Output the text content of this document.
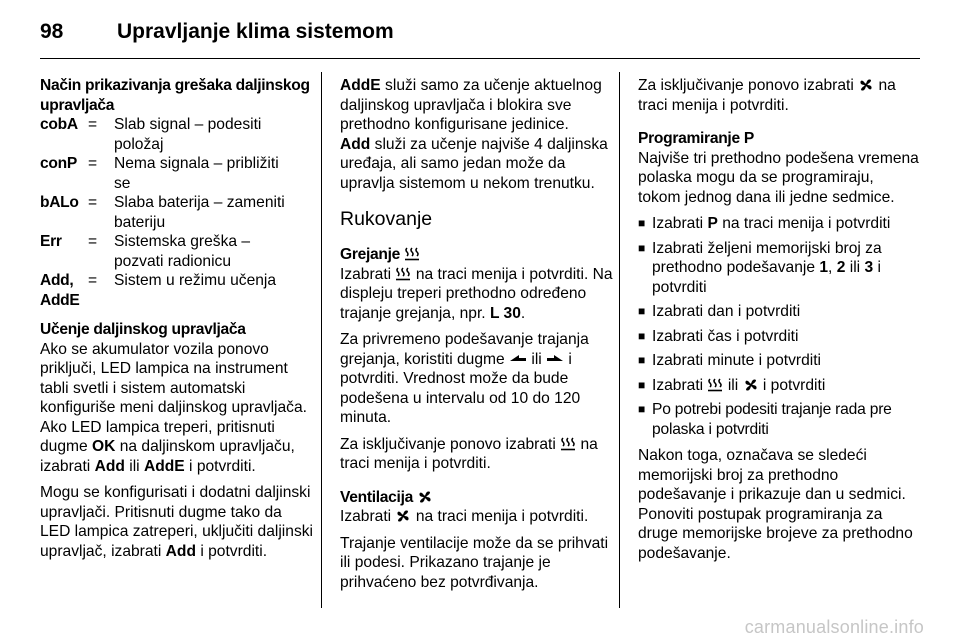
98	Upravljanje klima sistemom

Način prikazivanja grešaka daljinskog upravljača

cobA	=	Slab signal – podesiti položaj
conP	=	Nema signala – približiti se
bALo	=	Slaba baterija – zameniti bateriju
Err	=	Sistemska greška – pozvati radionicu
Add, AddE	=	Sistem u režimu učenja

Učenje daljinskog upravljača

Ako se akumulator vozila ponovo priključi, LED lampica na instrument tabli svetli i sistem automatski konfiguriše meni daljinskog upravljača. Ako LED lampica treperi, pritisnuti dugme OK na daljinskom upravljaču, izabrati Add ili AddE i potvrditi.

Mogu se konfigurisati i dodatni daljinski upravljači. Pritisnuti dugme tako da LED lampica zatreperi, uključiti daljinski upravljač, izabrati Add i potvrditi.

AddE služi samo za učenje aktuelnog daljinskog upravljača i blokira sve prethodno konfigurisane jedinice.
Add služi za učenje najviše 4 daljinska uređaja, ali samo jedan može da upravlja sistemom u nekom trenutku.

Rukovanje

Grejanje

Izabrati  na traci menija i potvrditi. Na displeju treperi prethodno određeno trajanje grejanja, npr. L 30.

Za privremeno podešavanje trajanja grejanja, koristiti dugme  ili  i potvrditi. Vrednost može da bude podešena u intervalu od 10 do 120 minuta.

Za isključivanje ponovo izabrati  na traci menija i potvrditi.

Ventilacija

Izabrati  na traci menija i potvrditi.

Trajanje ventilacije može da se prihvati ili podesi. Prikazano trajanje je prihvaćeno bez potvrđivanja.

Za isključivanje ponovo izabrati  na traci menija i potvrditi.

Programiranje P

Najviše tri prethodno podešena vremena polaska mogu da se programiraju, tokom jednog dana ili jedne sedmice.

■ Izabrati P na traci menija i potvrditi
■ Izabrati željeni memorijski broj za prethodno podešavanje 1, 2 ili 3 i potvrditi
■ Izabrati dan i potvrditi
■ Izabrati čas i potvrditi
■ Izabrati minute i potvrditi
■ Izabrati  ili  i potvrditi
■ Po potrebi podesiti trajanje rada pre polaska i potvrditi

Nakon toga, označava se sledeći memorijski broj za prethodno podešavanje i prikazuje dan u sedmici. Ponoviti postupak programiranja za druge memorijske brojeve za prethodno podešavanje.

carmanualsonline.info
